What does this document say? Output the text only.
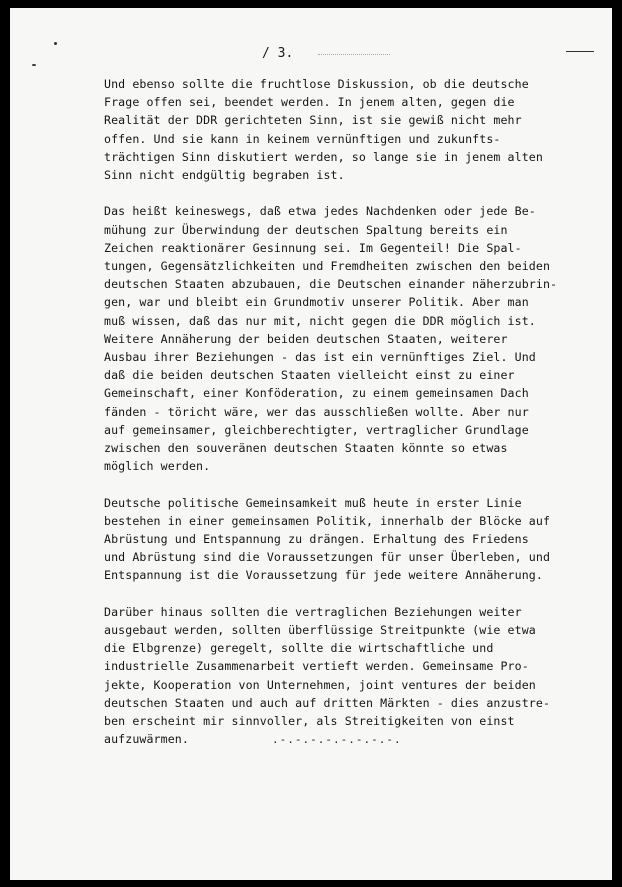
/ 3.
Und ebenso sollte die fruchtlose Diskussion, ob die deutsche
Frage offen sei, beendet werden. In jenem alten, gegen die
Realität der DDR gerichteten Sinn, ist sie gewiß nicht mehr
offen. Und sie kann in keinem vernünftigen und zukunfts-
trächtigen Sinn diskutiert werden, so lange sie in jenem alten
Sinn nicht endgültig begraben ist.
Das heißt keineswegs, daß etwa jedes Nachdenken oder jede Be-
mühung zur Überwindung der deutschen Spaltung bereits ein
Zeichen reaktionärer Gesinnung sei. Im Gegenteil! Die Spal-
tungen, Gegensätzlichkeiten und Fremdheiten zwischen den beiden
deutschen Staaten abzubauen, die Deutschen einander näherzubrin-
gen, war und bleibt ein Grundmotiv unserer Politik. Aber man
muß wissen, daß das nur mit, nicht gegen die DDR möglich ist.
Weitere Annäherung der beiden deutschen Staaten, weiterer
Ausbau ihrer Beziehungen - das ist ein vernünftiges Ziel. Und
daß die beiden deutschen Staaten vielleicht einst zu einer
Gemeinschaft, einer Konföderation, zu einem gemeinsamen Dach
fänden - töricht wäre, wer das ausschließen wollte. Aber nur
auf gemeinsamer, gleichberechtigter, vertraglicher Grundlage
zwischen den souveränen deutschen Staaten könnte so etwas
möglich werden.
Deutsche politische Gemeinsamkeit muß heute in erster Linie
bestehen in einer gemeinsamen Politik, innerhalb der Blöcke auf
Abrüstung und Entspannung zu drängen. Erhaltung des Friedens
und Abrüstung sind die Voraussetzungen für unser Überleben, und
Entspannung ist die Voraussetzung für jede weitere Annäherung.
Darüber hinaus sollten die vertraglichen Beziehungen weiter
ausgebaut werden, sollten überflüssige Streitpunkte (wie etwa
die Elbgrenze) geregelt, sollte die wirtschaftliche und
industrielle Zusammenarbeit vertieft werden. Gemeinsame Pro-
jekte, Kooperation von Unternehmen, joint ventures der beiden
deutschen Staaten und auch auf dritten Märkten - dies anzustre-
ben erscheint mir sinnvoller, als Streitigkeiten von einst
aufzuwärmen.	.-.-.-.-.-.-.-.-.
